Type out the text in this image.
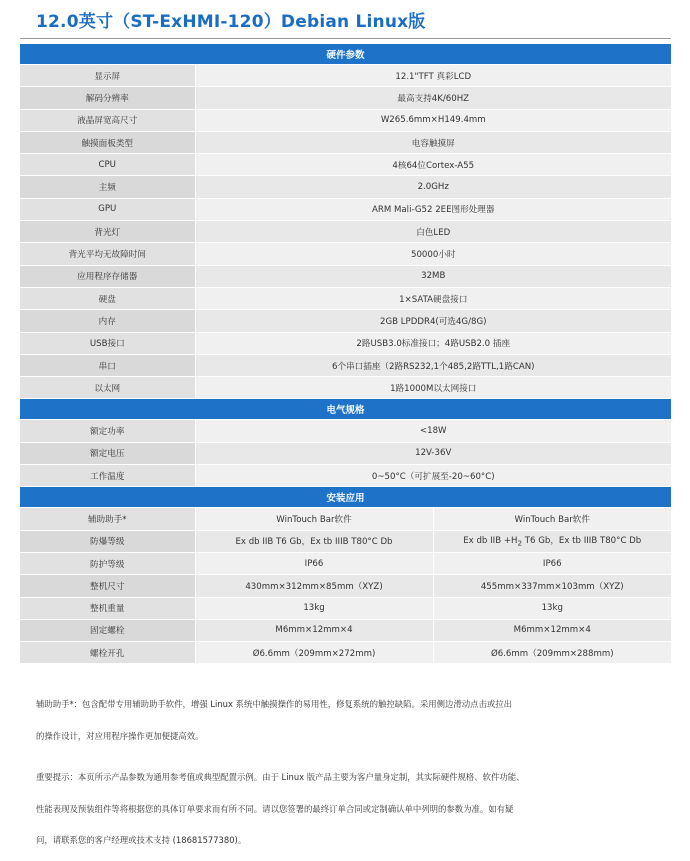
12.0英寸（ST-ExHMI-120）Debian Linux版
硬件参数		
显示屏	12.1"TFT 真彩LCD	
解码分辨率	最高支持4K/60HZ	
液晶屏宽高尺寸	W265.6mm×H149.4mm	
触摸面板类型	电容触摸屏	
CPU	4核64位Cortex-A55	
主频	2.0GHz	
GPU	ARM Mali-G52 2EE图形处理器	
背光灯	白色LED	
背光平均无故障时间	50000小时	
应用程序存储器	32MB	
硬盘	1×SATA硬盘接口	
内存	2GB LPDDR4(可选4G/8G)	
USB接口	2路USB3.0标准接口；4路USB2.0 插座	
串口	6个串口插座（2路RS232,1个485,2路TTL,1路CAN)	
以太网	1路1000M以太网接口	
电气规格		
额定功率	<18W	
额定电压	12V-36V	
工作温度	0~50°C（可扩展至-20~60°C)	
安装应用		
辅助助手*	WinTouch Bar软件	WinTouch Bar软件
防爆等级	Ex db IIB T6 Gb，Ex tb IIIB T80°C Db	Ex db IIB $+H_2$ T6 Gb，Ex tb IIIB T80°C Db
防护等级	IP66	IP66
整机尺寸	430mm×312mm×85mm（XYZ)	455mm×337mm×103mm（XYZ)
整机重量	13kg	13kg
固定螺栓	M6mm×12mm×4	M6mm×12mm×4
螺栓开孔	Ø6.6mm（209mm×272mm)	Ø6.6mm（209mm×288mm)

辅助助手*：包含配带专用辅助助手软件，增强 Linux 系统中触摸操作的易用性，修复系统的触控缺陷。采用侧边滑动点击或拉出

的操作设计，对应用程序操作更加便捷高效。

重要提示：本页所示产品参数为通用参考值或典型配置示例。由于 Linux 版产品主要为客户量身定制，其实际硬件规格、软件功能、

性能表现及预装组件等将根据您的具体订单要求而有所不同。请以您签署的最终订单合同或定制确认单中列明的参数为准。如有疑

问，请联系您的客户经理或技术支持 (18681577380)。
